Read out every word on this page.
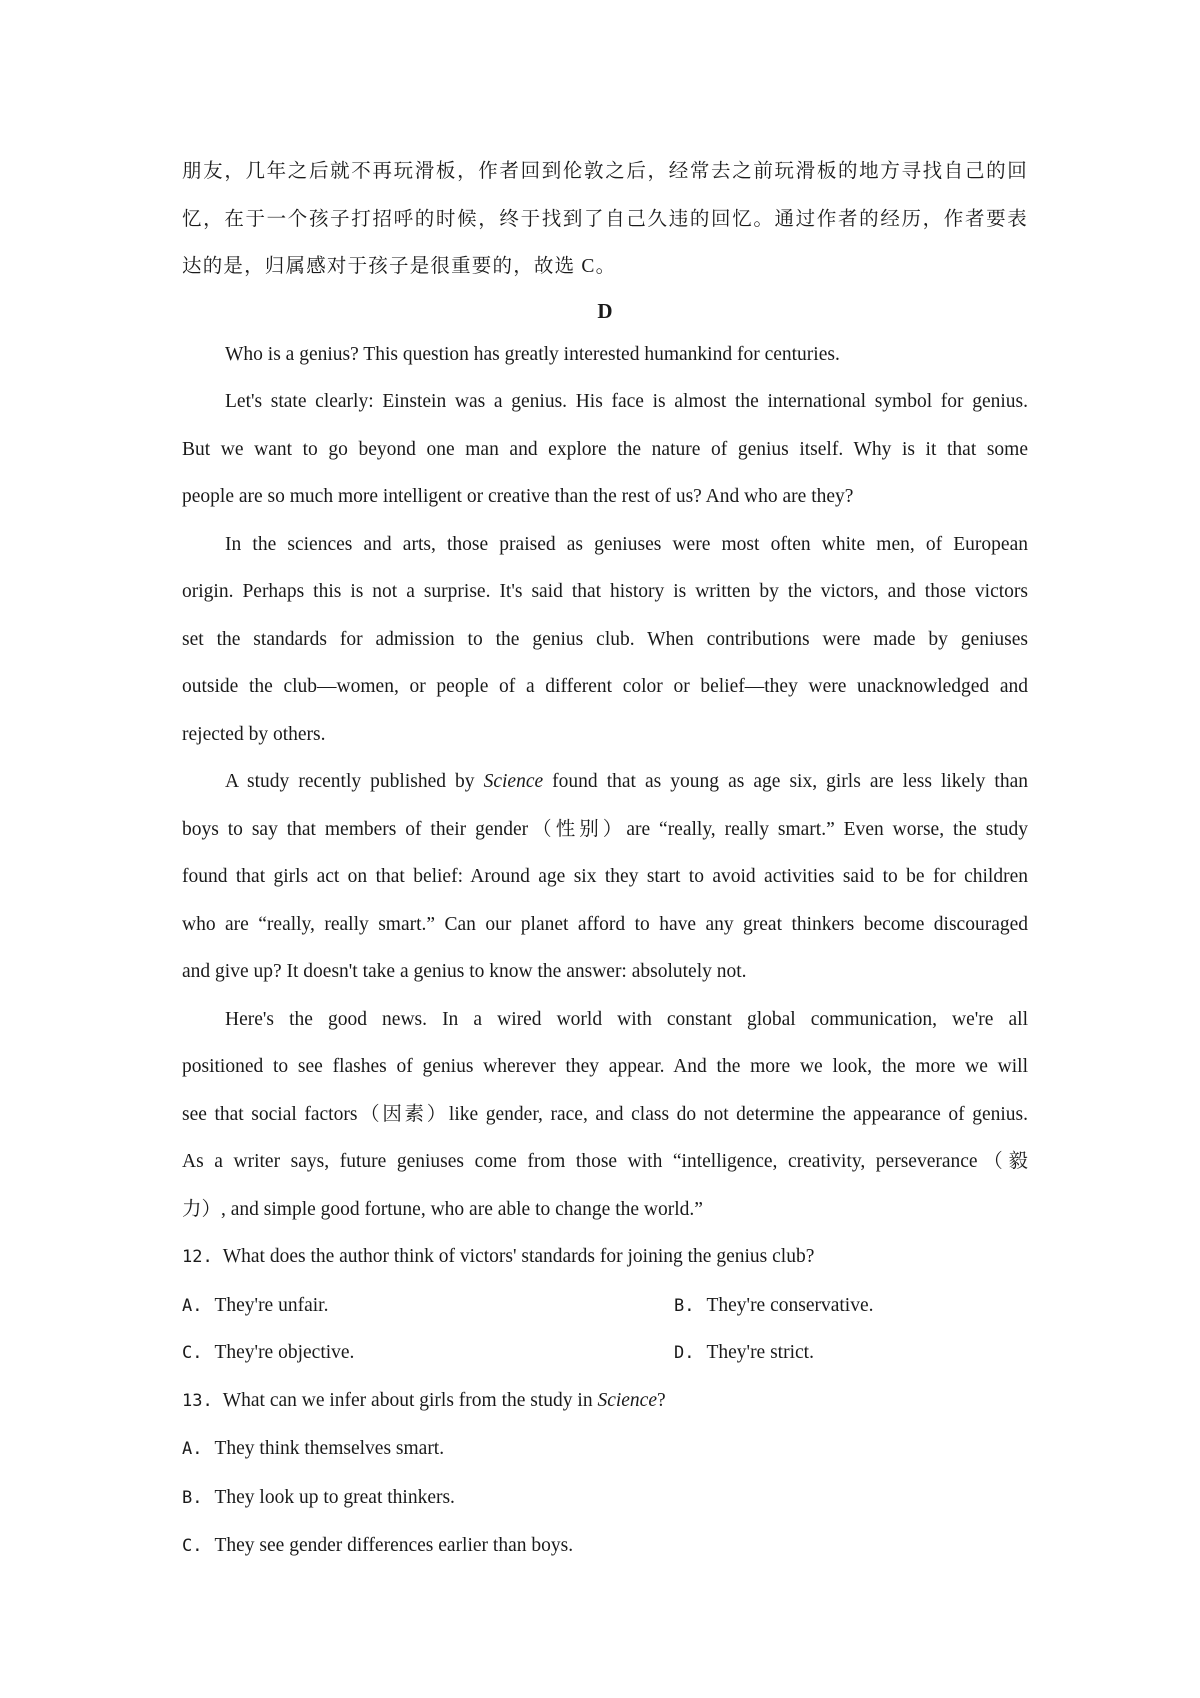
朋友，几年之后就不再玩滑板，作者回到伦敦之后，经常去之前玩滑板的地方寻找自己的回

忆，在于一个孩子打招呼的时候，终于找到了自己久违的回忆。通过作者的经历，作者要表

达的是，归属感对于孩子是很重要的，故选 C。

D

Who is a genius? This question has greatly interested humankind for centuries.

Let's state clearly: Einstein was a genius. His face is almost the international symbol for genius.

But we want to go beyond one man and explore the nature of genius itself. Why is it that some

people are so much more intelligent or creative than the rest of us? And who are they?

In the sciences and arts, those praised as geniuses were most often white men, of European

origin. Perhaps this is not a surprise. It's said that history is written by the victors, and those victors

set the standards for admission to the genius club. When contributions were made by geniuses

outside the club—women, or people of a different color or belief—they were unacknowledged and

rejected by others.

A study recently published by Science found that as young as age six, girls are less likely than

boys to say that members of their gender（性别）are “really, really smart.” Even worse, the study

found that girls act on that belief: Around age six they start to avoid activities said to be for children

who are “really, really smart.” Can our planet afford to have any great thinkers become discouraged

and give up? It doesn't take a genius to know the answer: absolutely not.

Here's the good news. In a wired world with constant global communication, we're all

positioned to see flashes of genius wherever they appear. And the more we look, the more we will

see that social factors（因素）like gender, race, and class do not determine the appearance of genius.

As a writer says, future geniuses come from those with “intelligence, creativity, perseverance（毅

力）, and simple good fortune, who are able to change the world.”

12. What does the author think of victors' standards for joining the genius club?

A. They're unfair.	B. They're conservative.
C. They're objective.	D. They're strict.

13. What can we infer about girls from the study in Science?

A. They think themselves smart.

B. They look up to great thinkers.

C. They see gender differences earlier than boys.
